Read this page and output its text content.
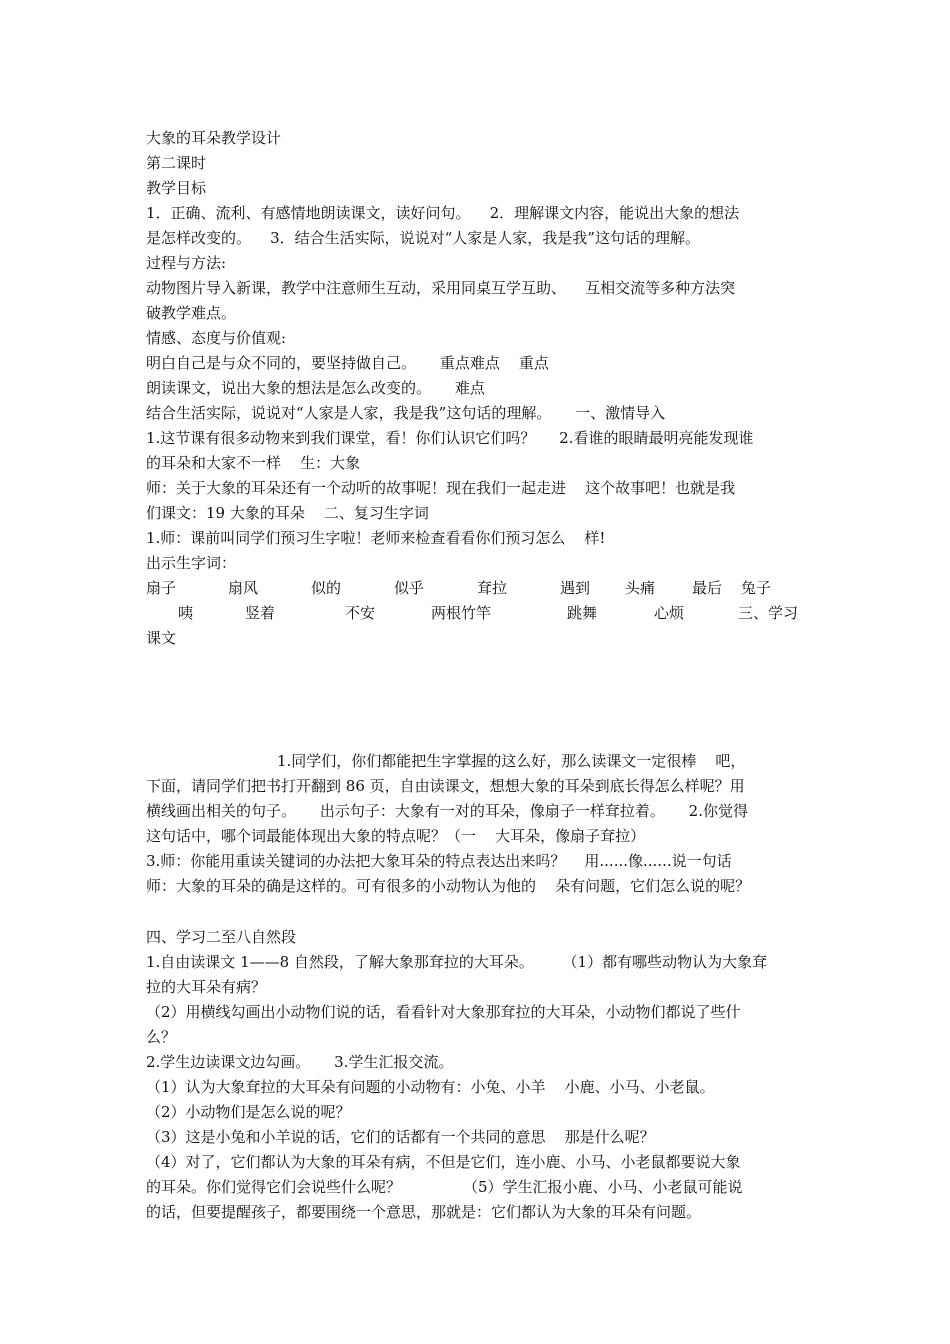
大象的耳朵教学设计
第二课时
教学目标
1．正确、流利、有感情地朗读课文，读好问句。    2．理解课文内容，能说出大象的想法
是怎样改变的。    3．结合生活实际，说说对“人家是人家，我是我”这句话的理解。
过程与方法:
动物图片导入新课，教学中注意师生互动，采用同桌互学互助、    互相交流等多种方法突
破教学难点。
情感、态度与价值观:
明白自己是与众不同的，要坚持做自己。     重点难点    重点
朗读课文，说出大象的想法是怎么改变的。     难点
结合生活实际，说说对“人家是人家，我是我”这句话的理解。     一、激情导入
1.这节课有很多动物来到我们课堂，看！你们认识它们吗？     2.看谁的眼睛最明亮能发现谁
的耳朵和大家不一样    生：大象
师：关于大象的耳朵还有一个动听的故事呢！现在我们一起走进    这个故事吧！也就是我
们课文：19 大象的耳朵    二、复习生字词
1.师：课前叫同学们预习生字啦！老师来检查看看你们预习怎么    样!
出示生字词：
扇子	扇风	似的	似乎	耷拉	遇到 头痛 最后 兔子
咦	竖着	不安	两根竹竿	跳舞	心烦	三、学习
课文
1.同学们，你们都能把生字掌握的这么好，那么读课文一定很棒    吧，
下面，请同学们把书打开翻到 86 页，自由读课文，想想大象的耳朵到底长得怎么样呢？用
横线画出相关的句子。     出示句子：大象有一对的耳朵，像扇子一样耷拉着。     2.你觉得
这句话中，哪个词最能体现出大象的特点呢？（一    大耳朵，像扇子耷拉）
3.师：你能用重读关键词的办法把大象耳朵的特点表达出来吗？    用......像......说一句话
师：大象的耳朵的确是这样的。可有很多的小动物认为他的    朵有问题，它们怎么说的呢？
四、学习二至八自然段
1.自由读课文 1——8 自然段，了解大象那耷拉的大耳朵。      （1）都有哪些动物认为大象耷
拉的大耳朵有病？
（2）用横线勾画出小动物们说的话，看看针对大象那耷拉的大耳朵，小动物们都说了些什
么？
2.学生边读课文边勾画。     3.学生汇报交流。
（1）认为大象耷拉的大耳朵有问题的小动物有：小兔、小羊    小鹿、小马、小老鼠。
（2）小动物们是怎么说的呢？
（3）这是小兔和小羊说的话，它们的话都有一个共同的意思    那是什么呢？
（4）对了，它们都认为大象的耳朵有病，不但是它们，连小鹿、小马、小老鼠都要说大象
的耳朵。你们觉得它们会说些什么呢？             （5）学生汇报小鹿、小马、小老鼠可能说
的话，但要提醒孩子，都要围绕一个意思，那就是：它们都认为大象的耳朵有问题。
